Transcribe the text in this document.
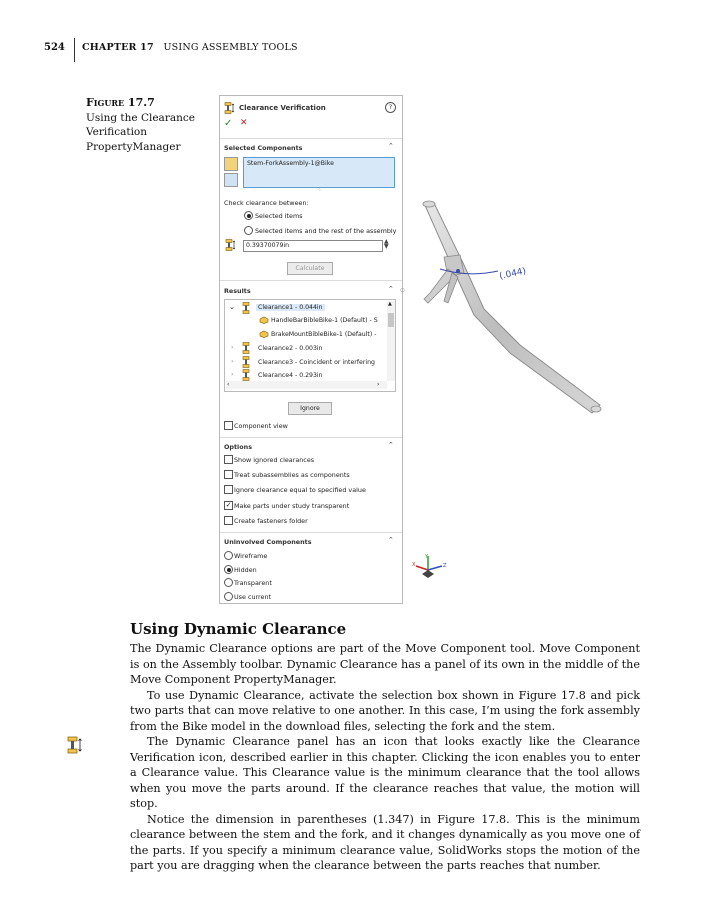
524 CHAPTER 17 USING ASSEMBLY TOOLS
Figure 17.7
Using the Clearance Verification PropertyManager
Clearance Verification	?
✓ ✕
Selected Components	⌃
Stem-ForkAssembly-1@Bike
⁘
Check clearance between:
Selected items
Selected items and the rest of the assembly
0.39370079in
▲
▼
Calculate
Results	⌃ ⊙
⌄	Clearance1 - 0.044in
HandleBarBibleBike-1 (Default) - S
BrakeMountBibleBike-1 (Default) -
›	Clearance2 - 0.003in
›	Clearance3 - Coincident or interfering
›	Clearance4 - 0.293in
▲
‹	›
Ignore
Component view
Options	⌃
Show ignored clearances
Treat subassemblies as components
Ignore clearance equal to specified value
✓ Make parts under study transparent
Create fasteners folder
Uninvolved Components	⌃
Wireframe
Hidden
Transparent
Use current
(.044)
Y
Z
X
Using Dynamic Clearance

The Dynamic Clearance options are part of the Move Component tool. Move Component is on the Assembly toolbar. Dynamic Clearance has a panel of its own in the middle of the Move Component PropertyManager.

To use Dynamic Clearance, activate the selection box shown in Figure 17.8 and pick two parts that can move relative to one another. In this case, I’m using the fork assembly from the Bike model in the download files, selecting the fork and the stem.

The Dynamic Clearance panel has an icon that looks exactly like the Clearance Verification icon, described earlier in this chapter. Clicking the icon enables you to enter a Clearance value. This Clearance value is the minimum clearance that the tool allows when you move the parts around. If the clearance reaches that value, the motion will stop.

Notice the dimension in parentheses (1.347) in Figure 17.8. This is the minimum clearance between the stem and the fork, and it changes dynamically as you move one of the parts. If you specify a minimum clearance value, SolidWorks stops the motion of the part you are dragging when the clearance between the parts reaches that number.
